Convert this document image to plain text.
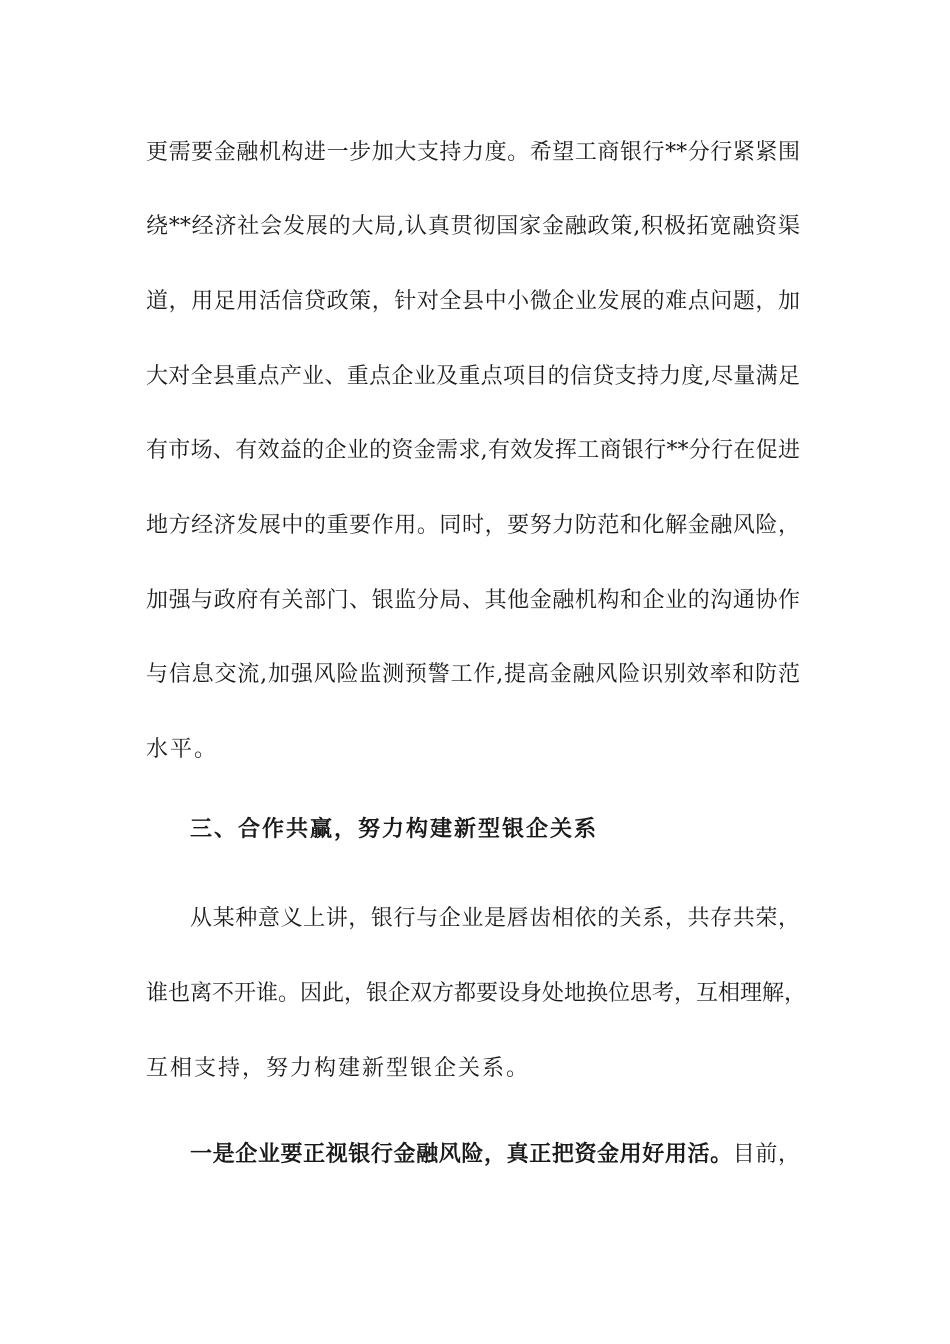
更需要金融机构进一步加大支持力度。希望工商银行**分行紧紧围
绕**经济社会发展的大局,认真贯彻国家金融政策,积极拓宽融资渠
道，用足用活信贷政策，针对全县中小微企业发展的难点问题，加
大对全县重点产业、重点企业及重点项目的信贷支持力度,尽量满足
有市场、有效益的企业的资金需求,有效发挥工商银行**分行在促进
地方经济发展中的重要作用。同时，要努力防范和化解金融风险，
加强与政府有关部门、银监分局、其他金融机构和企业的沟通协作
与信息交流,加强风险监测预警工作,提高金融风险识别效率和防范
水平。
三、合作共赢，努力构建新型银企关系
从某种意义上讲，银行与企业是唇齿相依的关系，共存共荣，
谁也离不开谁。因此，银企双方都要设身处地换位思考，互相理解，
互相支持，努力构建新型银企关系。
一是企业要正视银行金融风险，真正把资金用好用活。目前，
